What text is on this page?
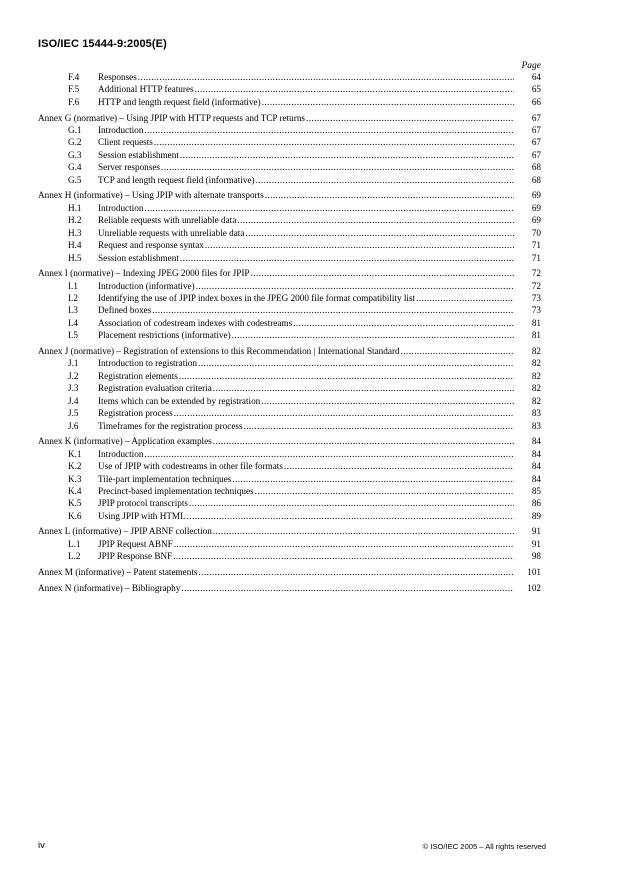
ISO/IEC 15444-9:2005(E)
Page
F.4	Responses .....	64
F.5	Additional HTTP features .....	65
F.6	HTTP and length request field (informative) .....	66
Annex G (normative) – Using JPIP with HTTP requests and TCP returns .....	67
G.1	Introduction .....	67
G.2	Client requests .....	67
G.3	Session establishment .....	67
G.4	Server responses .....	68
G.5	TCP and length request field (informative) .....	68
Annex H (informative) – Using JPIP with alternate transports .....	69
H.1	Introduction .....	69
H.2	Reliable requests with unreliable data .....	69
H.3	Unreliable requests with unreliable data .....	70
H.4	Request and response syntax .....	71
H.5	Session establishment .....	71
Annex I (normative) – Indexing JPEG 2000 files for JPIP .....	72
I.1	Introduction (informative) .....	72
I.2	Identifying the use of JPIP index boxes in the JPEG 2000 file format compatibility list .....	73
I.3	Defined boxes .....	73
I.4	Association of codestream indexes with codestreams .....	81
I.5	Placement restrictions (informative) .....	81
Annex J (normative) – Registration of extensions to this Recommendation | International Standard .....	82
J.1	Introduction to registration .....	82
J.2	Registration elements .....	82
J.3	Registration evaluation criteria .....	82
J.4	Items which can be extended by registration .....	82
J.5	Registration process .....	83
J.6	Timeframes for the registration process .....	83
Annex K (informative) – Application examples .....	84
K.1	Introduction .....	84
K.2	Use of JPIP with codestreams in other file formats .....	84
K.3	Tile-part implementation techniques .....	84
K.4	Precinct-based implementation techniques .....	85
K.5	JPIP protocol transcripts .....	86
K.6	Using JPIP with HTML .....	89
Annex L (informative) – JPIP ABNF collection .....	91
L.1	JPIP Request ABNF .....	91
L.2	JPIP Response BNF .....	98
Annex M (informative) – Patent statements .....	101
Annex N (informative) – Bibliography .....	102
iv	© ISO/IEC 2005 – All rights reserved
